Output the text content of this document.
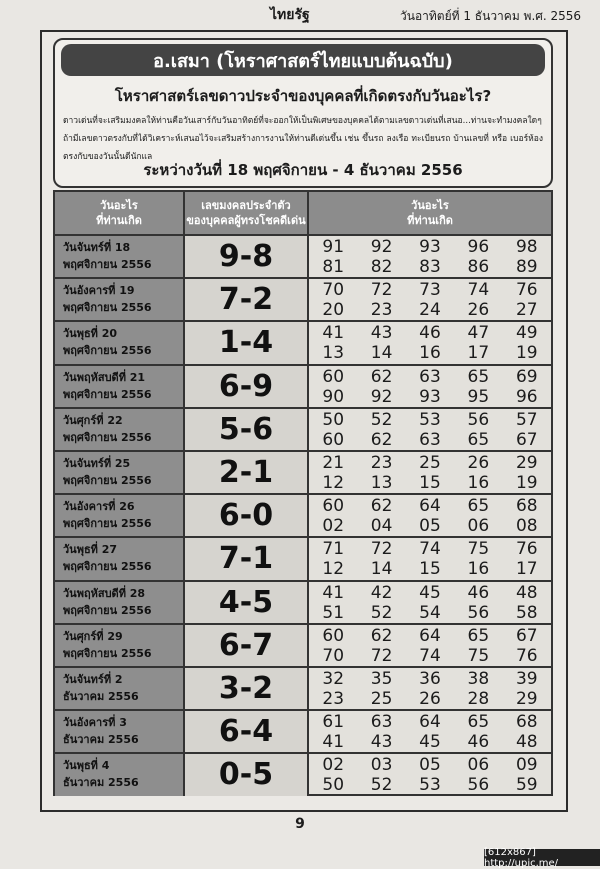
ไทยรัฐ	วันอาทิตย์ที่ 1 ธันวาคม พ.ศ. 2556
อ.เสมา (โหราศาสตร์ไทยแบบต้นฉบับ)
โหราศาสตร์เลขดาวประจำของบุคคลที่เกิดตรงกับวันอะไร?
ดาวเด่นที่จะเสริมมงคลให้ท่านคือวันเสาร์กับวันอาทิตย์ที่จะออกให้เป็นพิเศษของบุคคลได้ตามเลขดาวเด่นที่เสนอ...ท่านจะทำมงคลใดๆ ถ้ามีเลขดาวตรงกับที่ได้วิเคราะห์เสนอไว้จะเสริมสร้างการงานให้ท่านดีเด่นขึ้น เช่น ขึ้นรถ ลงเรือ ทะเบียนรถ บ้านเลขที่ หรือ เบอร์ห้องตรงกับของวันนั้นดีนักแล
ระหว่างวันที่ 18 พฤศจิกายน - 4 ธันวาคม 2556
วันอะไร
ที่ท่านเกิด
เลขมงคลประจำตัว
ของบุคคลผู้ทรงโชคดีเด่น
วันอะไร
ที่ท่านเกิด
วันจันทร์ที่ 18
พฤศจิกายน 2556	9-8	91 92 93 96 98
81 82 83 86 89
วันอังคารที่ 19
พฤศจิกายน 2556	7-2	70 72 73 74 76
20 23 24 26 27
วันพุธที่ 20
พฤศจิกายน 2556	1-4	41 43 46 47 49
13 14 16 17 19
วันพฤหัสบดีที่ 21
พฤศจิกายน 2556	6-9	60 62 63 65 69
90 92 93 95 96
วันศุกร์ที่ 22
พฤศจิกายน 2556	5-6	50 52 53 56 57
60 62 63 65 67
วันจันทร์ที่ 25
พฤศจิกายน 2556	2-1	21 23 25 26 29
12 13 15 16 19
วันอังคารที่ 26
พฤศจิกายน 2556	6-0	60 62 64 65 68
02 04 05 06 08
วันพุธที่ 27
พฤศจิกายน 2556	7-1	71 72 74 75 76
12 14 15 16 17
วันพฤหัสบดีที่ 28
พฤศจิกายน 2556	4-5	41 42 45 46 48
51 52 54 56 58
วันศุกร์ที่ 29
พฤศจิกายน 2556	6-7	60 62 64 65 67
70 72 74 75 76
วันจันทร์ที่ 2
ธันวาคม 2556	3-2	32 35 36 38 39
23 25 26 28 29
วันอังคารที่ 3
ธันวาคม 2556	6-4	61 63 64 65 68
41 43 45 46 48
วันพุธที่ 4
ธันวาคม 2556	0-5	02 03 05 06 09
50 52 53 56 59
9
[612x867] http://upic.me/
